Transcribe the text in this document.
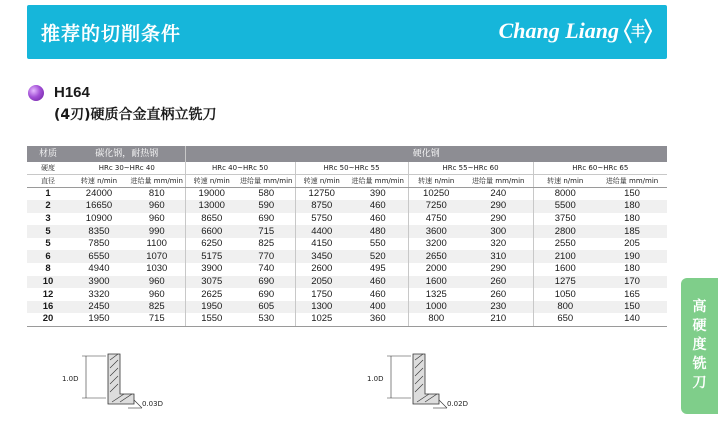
推荐的切削条件	Chang Liang 丰
H164
(4刃)硬质合金直柄立铣刀
材质	碳化钢，耐热钢		硬化钢							
硬度	HRc 30~HRc 40		HRc 40~HRc 50		HRc 50~HRc 55		HRc 55~HRc 60		HRc 60~HRc 65	
直径	转速 n/min	进给量 mm/min	转速 n/min	进给量 mm/min	转速 n/min	进给量 mm/min	转速 n/min	进给量 mm/min	转速 n/min	进给量 mm/min
1	24000	810	19000	580	12750	390	10250	240	8000	150
2	16650	960	13000	590	8750	460	7250	290	5500	180
3	10900	960	8650	690	5750	460	4750	290	3750	180
5	8350	990	6600	715	4400	480	3600	300	2800	185
5	7850	1100	6250	825	4150	550	3200	320	2550	205
6	6550	1070	5175	770	3450	520	2650	310	2100	190
8	4940	1030	3900	740	2600	495	2000	290	1600	180
10	3900	960	3075	690	2050	460	1600	260	1275	170
12	3320	960	2625	690	1750	460	1325	260	1050	165
16	2450	825	1950	605	1300	400	1000	230	800	150
20	1950	715	1550	530	1025	360	800	210	650	140
1.0D
0.03D
1.0D
0.02D
高
硬
度
铣
刀
